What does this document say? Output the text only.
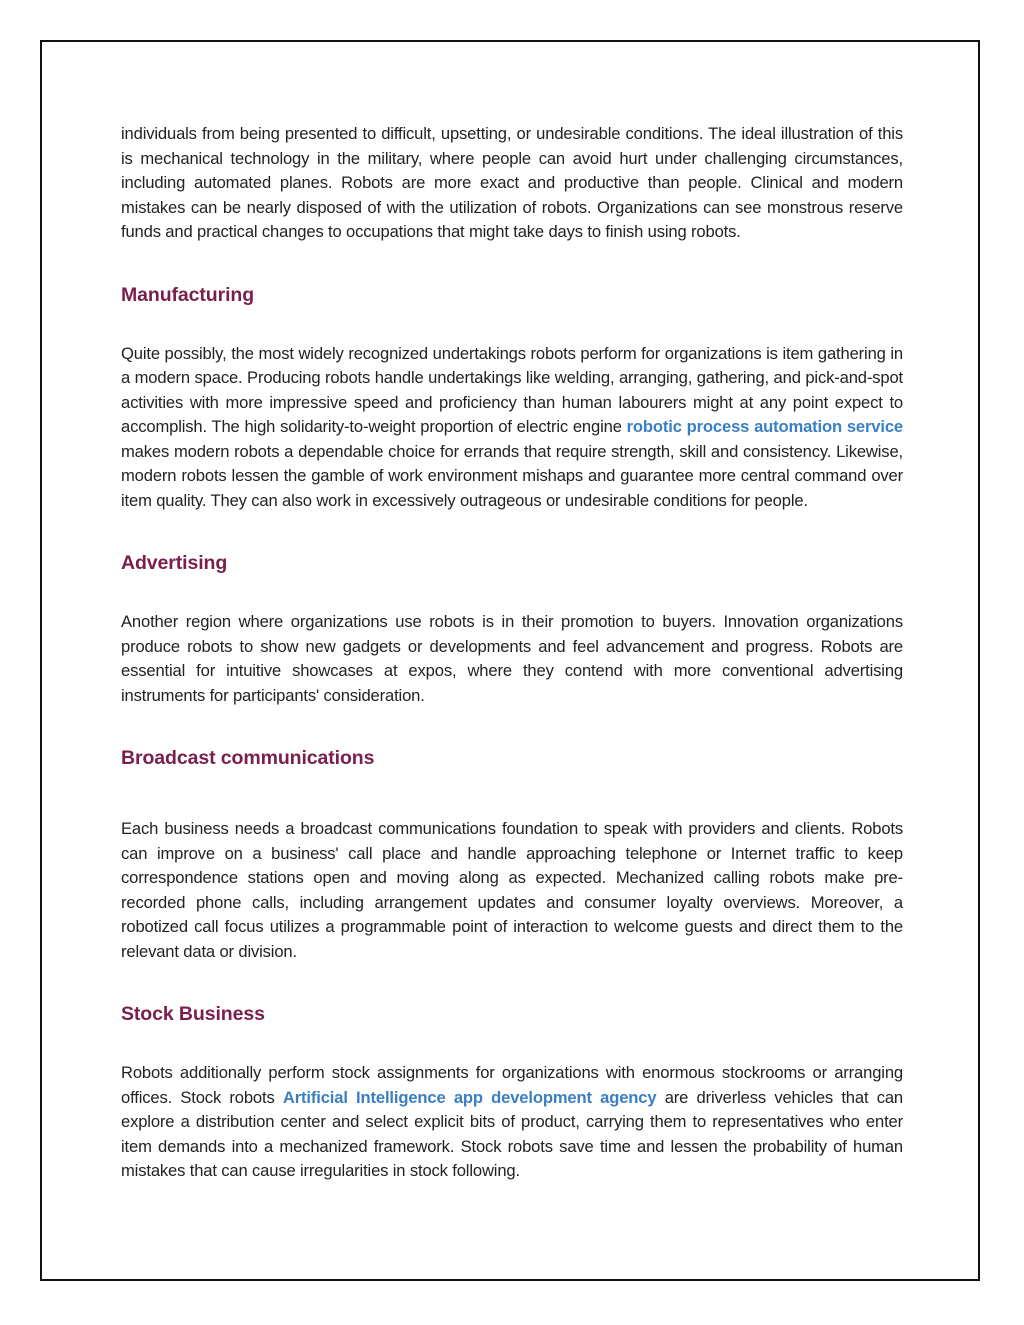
individuals from being presented to difficult, upsetting, or undesirable conditions. The ideal illustration of this is mechanical technology in the military, where people can avoid hurt under challenging circumstances, including automated planes. Robots are more exact and productive than people. Clinical and modern mistakes can be nearly disposed of with the utilization of robots. Organizations can see monstrous reserve funds and practical changes to occupations that might take days to finish using robots.

Manufacturing

Quite possibly, the most widely recognized undertakings robots perform for organizations is item gathering in a modern space. Producing robots handle undertakings like welding, arranging, gathering, and pick-and-spot activities with more impressive speed and proficiency than human labourers might at any point expect to accomplish. The high solidarity-to-weight proportion of electric engine robotic process automation service makes modern robots a dependable choice for errands that require strength, skill and consistency. Likewise, modern robots lessen the gamble of work environment mishaps and guarantee more central command over item quality. They can also work in excessively outrageous or undesirable conditions for people.

Advertising

Another region where organizations use robots is in their promotion to buyers. Innovation organizations produce robots to show new gadgets or developments and feel advancement and progress. Robots are essential for intuitive showcases at expos, where they contend with more conventional advertising instruments for participants' consideration.

Broadcast communications

Each business needs a broadcast communications foundation to speak with providers and clients. Robots can improve on a business' call place and handle approaching telephone or Internet traffic to keep correspondence stations open and moving along as expected. Mechanized calling robots make pre-recorded phone calls, including arrangement updates and consumer loyalty overviews. Moreover, a robotized call focus utilizes a programmable point of interaction to welcome guests and direct them to the relevant data or division.

Stock Business

Robots additionally perform stock assignments for organizations with enormous stockrooms or arranging offices. Stock robots Artificial Intelligence app development agency are driverless vehicles that can explore a distribution center and select explicit bits of product, carrying them to representatives who enter item demands into a mechanized framework. Stock robots save time and lessen the probability of human mistakes that can cause irregularities in stock following.
